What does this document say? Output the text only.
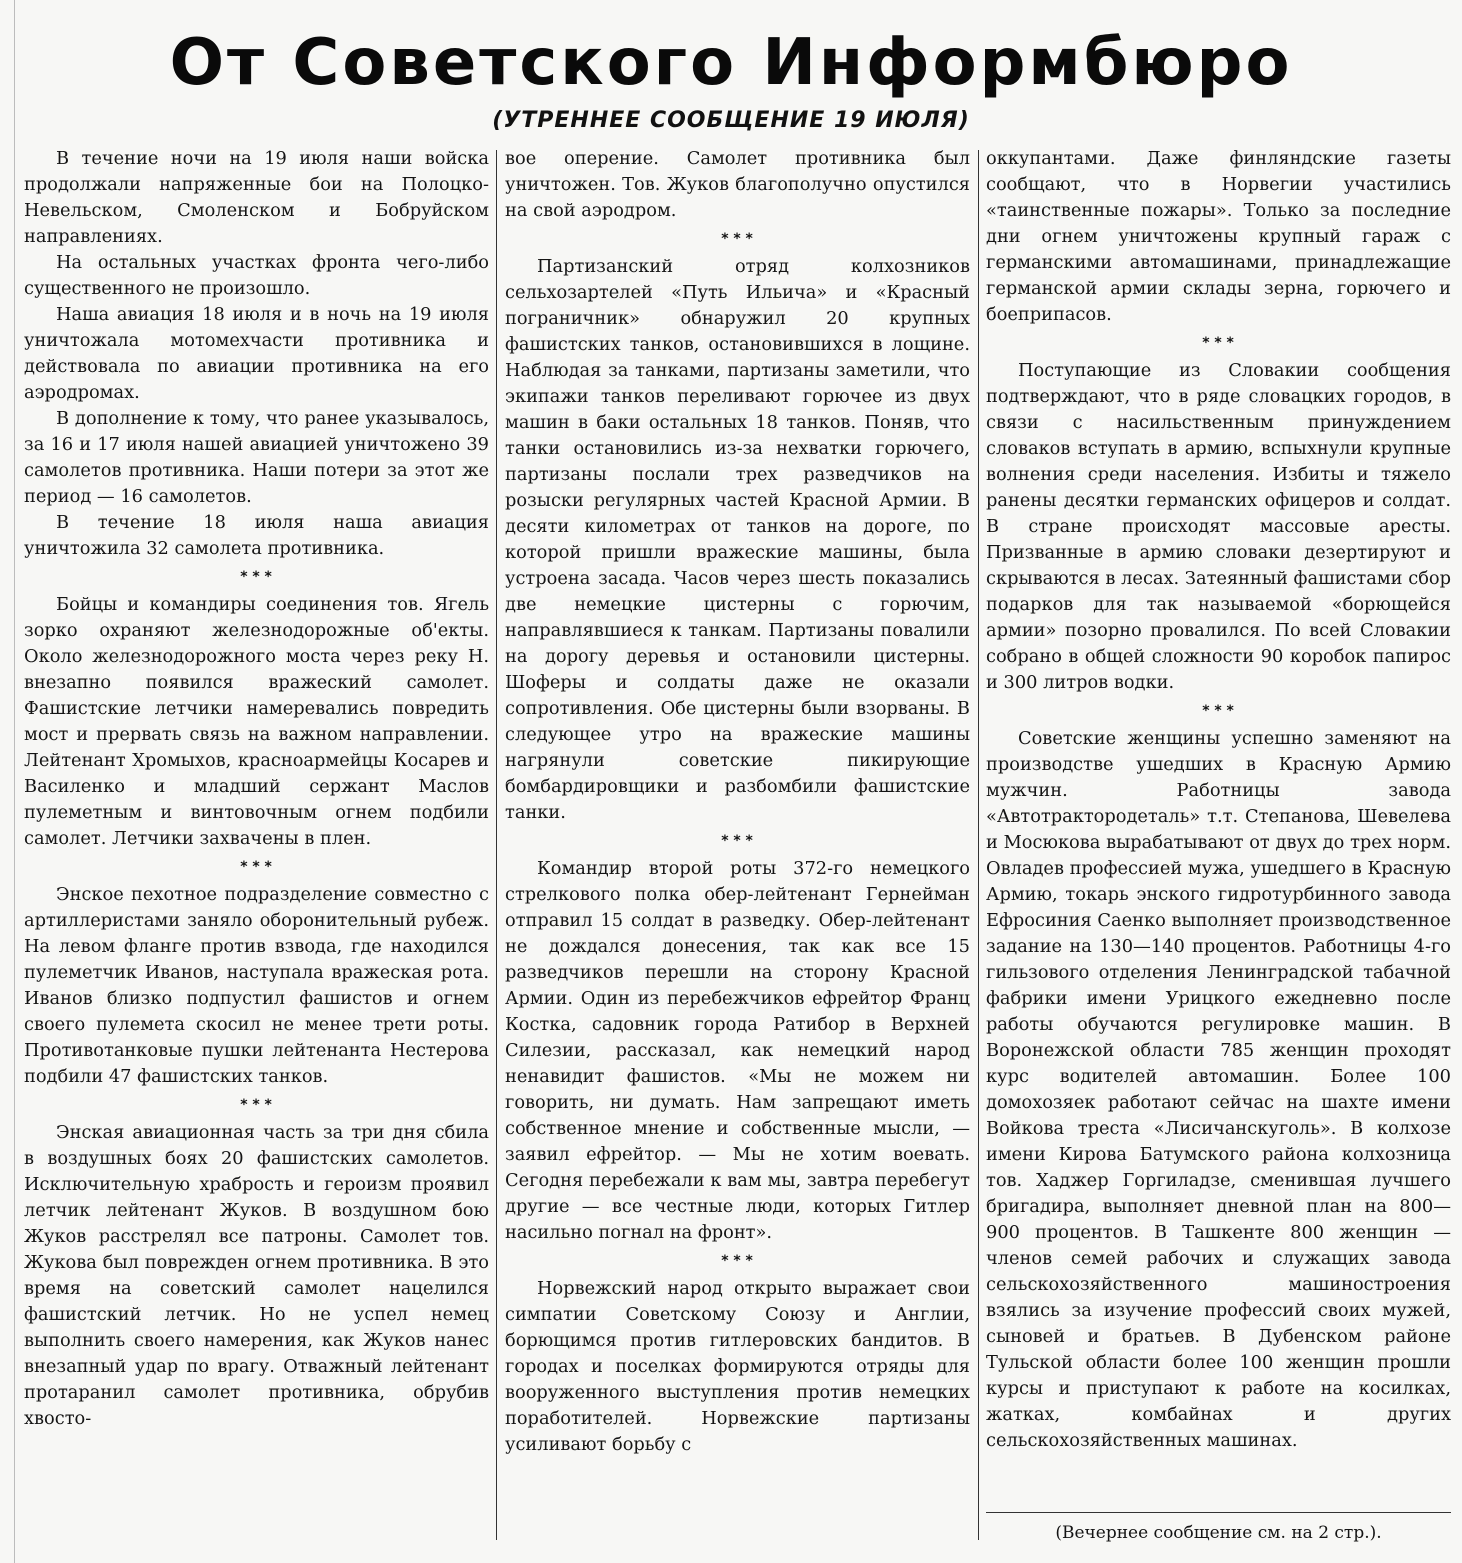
От Советского Информбюро
(УТРЕННЕЕ СООБЩЕНИЕ 19 ИЮЛЯ)

В течение ночи на 19 июля наши войска продолжали напряженные бои на Полоцко-Невельском, Смоленском и Бобруйском направлениях.

На остальных участках фронта чего-либо существенного не произошло.

Наша авиация 18 июля и в ночь на 19 июля уничтожала мотомехчасти противника и действовала по авиации противника на его аэродромах.

В дополнение к тому, что ранее указывалось, за 16 и 17 июля нашей авиацией уничтожено 39 самолетов противника. Наши потери за этот же период — 16 самолетов.

В течение 18 июля наша авиация уничтожила 32 самолета противника.

* * *

Бойцы и командиры соединения тов. Ягель зорко охраняют железнодорожные об'екты. Около железнодорожного моста через реку Н. внезапно появился вражеский самолет. Фашистские летчики намеревались повредить мост и прервать связь на важном направлении. Лейтенант Хромыхов, красноармейцы Косарев и Василенко и младший сержант Маслов пулеметным и винтовочным огнем подбили самолет. Летчики захвачены в плен.

* * *

Энское пехотное подразделение совместно с артиллеристами заняло оборонительный рубеж. На левом фланге против взвода, где находился пулеметчик Иванов, наступала вражеская рота. Иванов близко подпустил фашистов и огнем своего пулемета скосил не менее трети роты. Противотанковые пушки лейтенанта Нестерова подбили 47 фашистских танков.

* * *

Энская авиационная часть за три дня сбила в воздушных боях 20 фашистских самолетов. Исключительную храбрость и героизм проявил летчик лейтенант Жуков. В воздушном бою Жуков расстрелял все патроны. Самолет тов. Жукова был поврежден огнем противника. В это время на советский самолет нацелился фашистский летчик. Но не успел немец выполнить своего намерения, как Жуков нанес внезапный удар по врагу. Отважный лейтенант протаранил самолет противника, обрубив хвосто-

вое оперение. Самолет противника был уничтожен. Тов. Жуков благополучно опустился на свой аэродром.

* * *

Партизанский отряд колхозников сельхозартелей «Путь Ильича» и «Красный пограничник» обнаружил 20 крупных фашистских танков, остановившихся в лощине. Наблюдая за танками, партизаны заметили, что экипажи танков переливают горючее из двух машин в баки остальных 18 танков. Поняв, что танки остановились из-за нехватки горючего, партизаны послали трех разведчиков на розыски регулярных частей Красной Армии. В десяти километрах от танков на дороге, по которой пришли вражеские машины, была устроена засада. Часов через шесть показались две немецкие цистерны с горючим, направлявшиеся к танкам. Партизаны повалили на дорогу деревья и остановили цистерны. Шоферы и солдаты даже не оказали сопротивления. Обе цистерны были взорваны. В следующее утро на вражеские машины нагрянули советские пикирующие бомбардировщики и разбомбили фашистские танки.

* * *

Командир второй роты 372-го немецкого стрелкового полка обер-лейтенант Гернейман отправил 15 солдат в разведку. Обер-лейтенант не дождался донесения, так как все 15 разведчиков перешли на сторону Красной Армии. Один из перебежчиков ефрейтор Франц Костка, садовник города Ратибор в Верхней Силезии, рассказал, как немецкий народ ненавидит фашистов. «Мы не можем ни говорить, ни думать. Нам запрещают иметь собственное мнение и собственные мысли, — заявил ефрейтор. — Мы не хотим воевать. Сегодня перебежали к вам мы, завтра перебегут другие — все честные люди, которых Гитлер насильно погнал на фронт».

* * *

Норвежский народ открыто выражает свои симпатии Советскому Союзу и Англии, борющимся против гитлеровских бандитов. В городах и поселках формируются отряды для вооруженного выступления против немецких поработителей. Норвежские партизаны усиливают борьбу с

оккупантами. Даже финляндские газеты сообщают, что в Норвегии участились «таинственные пожары». Только за последние дни огнем уничтожены крупный гараж с германскими автомашинами, принадлежащие германской армии склады зерна, горючего и боеприпасов.

* * *

Поступающие из Словакии сообщения подтверждают, что в ряде словацких городов, в связи с насильственным принуждением словаков вступать в армию, вспыхнули крупные волнения среди населения. Избиты и тяжело ранены десятки германских офицеров и солдат. В стране происходят массовые аресты. Призванные в армию словаки дезертируют и скрываются в лесах. Затеянный фашистами сбор подарков для так называемой «борющейся армии» позорно провалился. По всей Словакии собрано в общей сложности 90 коробок папирос и 300 литров водки.

* * *

Советские женщины успешно заменяют на производстве ушедших в Красную Армию мужчин. Работницы завода «Автотрактородеталь» т.т. Степанова, Шевелева и Мосюкова вырабатывают от двух до трех норм. Овладев профессией мужа, ушедшего в Красную Армию, токарь энского гидротурбинного завода Ефросиния Саенко выполняет производственное задание на 130—140 процентов. Работницы 4-го гильзового отделения Ленинградской табачной фабрики имени Урицкого ежедневно после работы обучаются регулировке машин. В Воронежской области 785 женщин проходят курс водителей автомашин. Более 100 домохозяек работают сейчас на шахте имени Войкова треста «Лисичанскуголь». В колхозе имени Кирова Батумского района колхозница тов. Хаджер Горгиладзе, сменившая лучшего бригадира, выполняет дневной план на 800—900 процентов. В Ташкенте 800 женщин — членов семей рабочих и служащих завода сельскохозяйственного машиностроения взялись за изучение профессий своих мужей, сыновей и братьев. В Дубенском районе Тульской области более 100 женщин прошли курсы и приступают к работе на косилках, жатках, комбайнах и других сельскохозяйственных машинах.

(Вечернее сообщение см. на 2 стр.).
